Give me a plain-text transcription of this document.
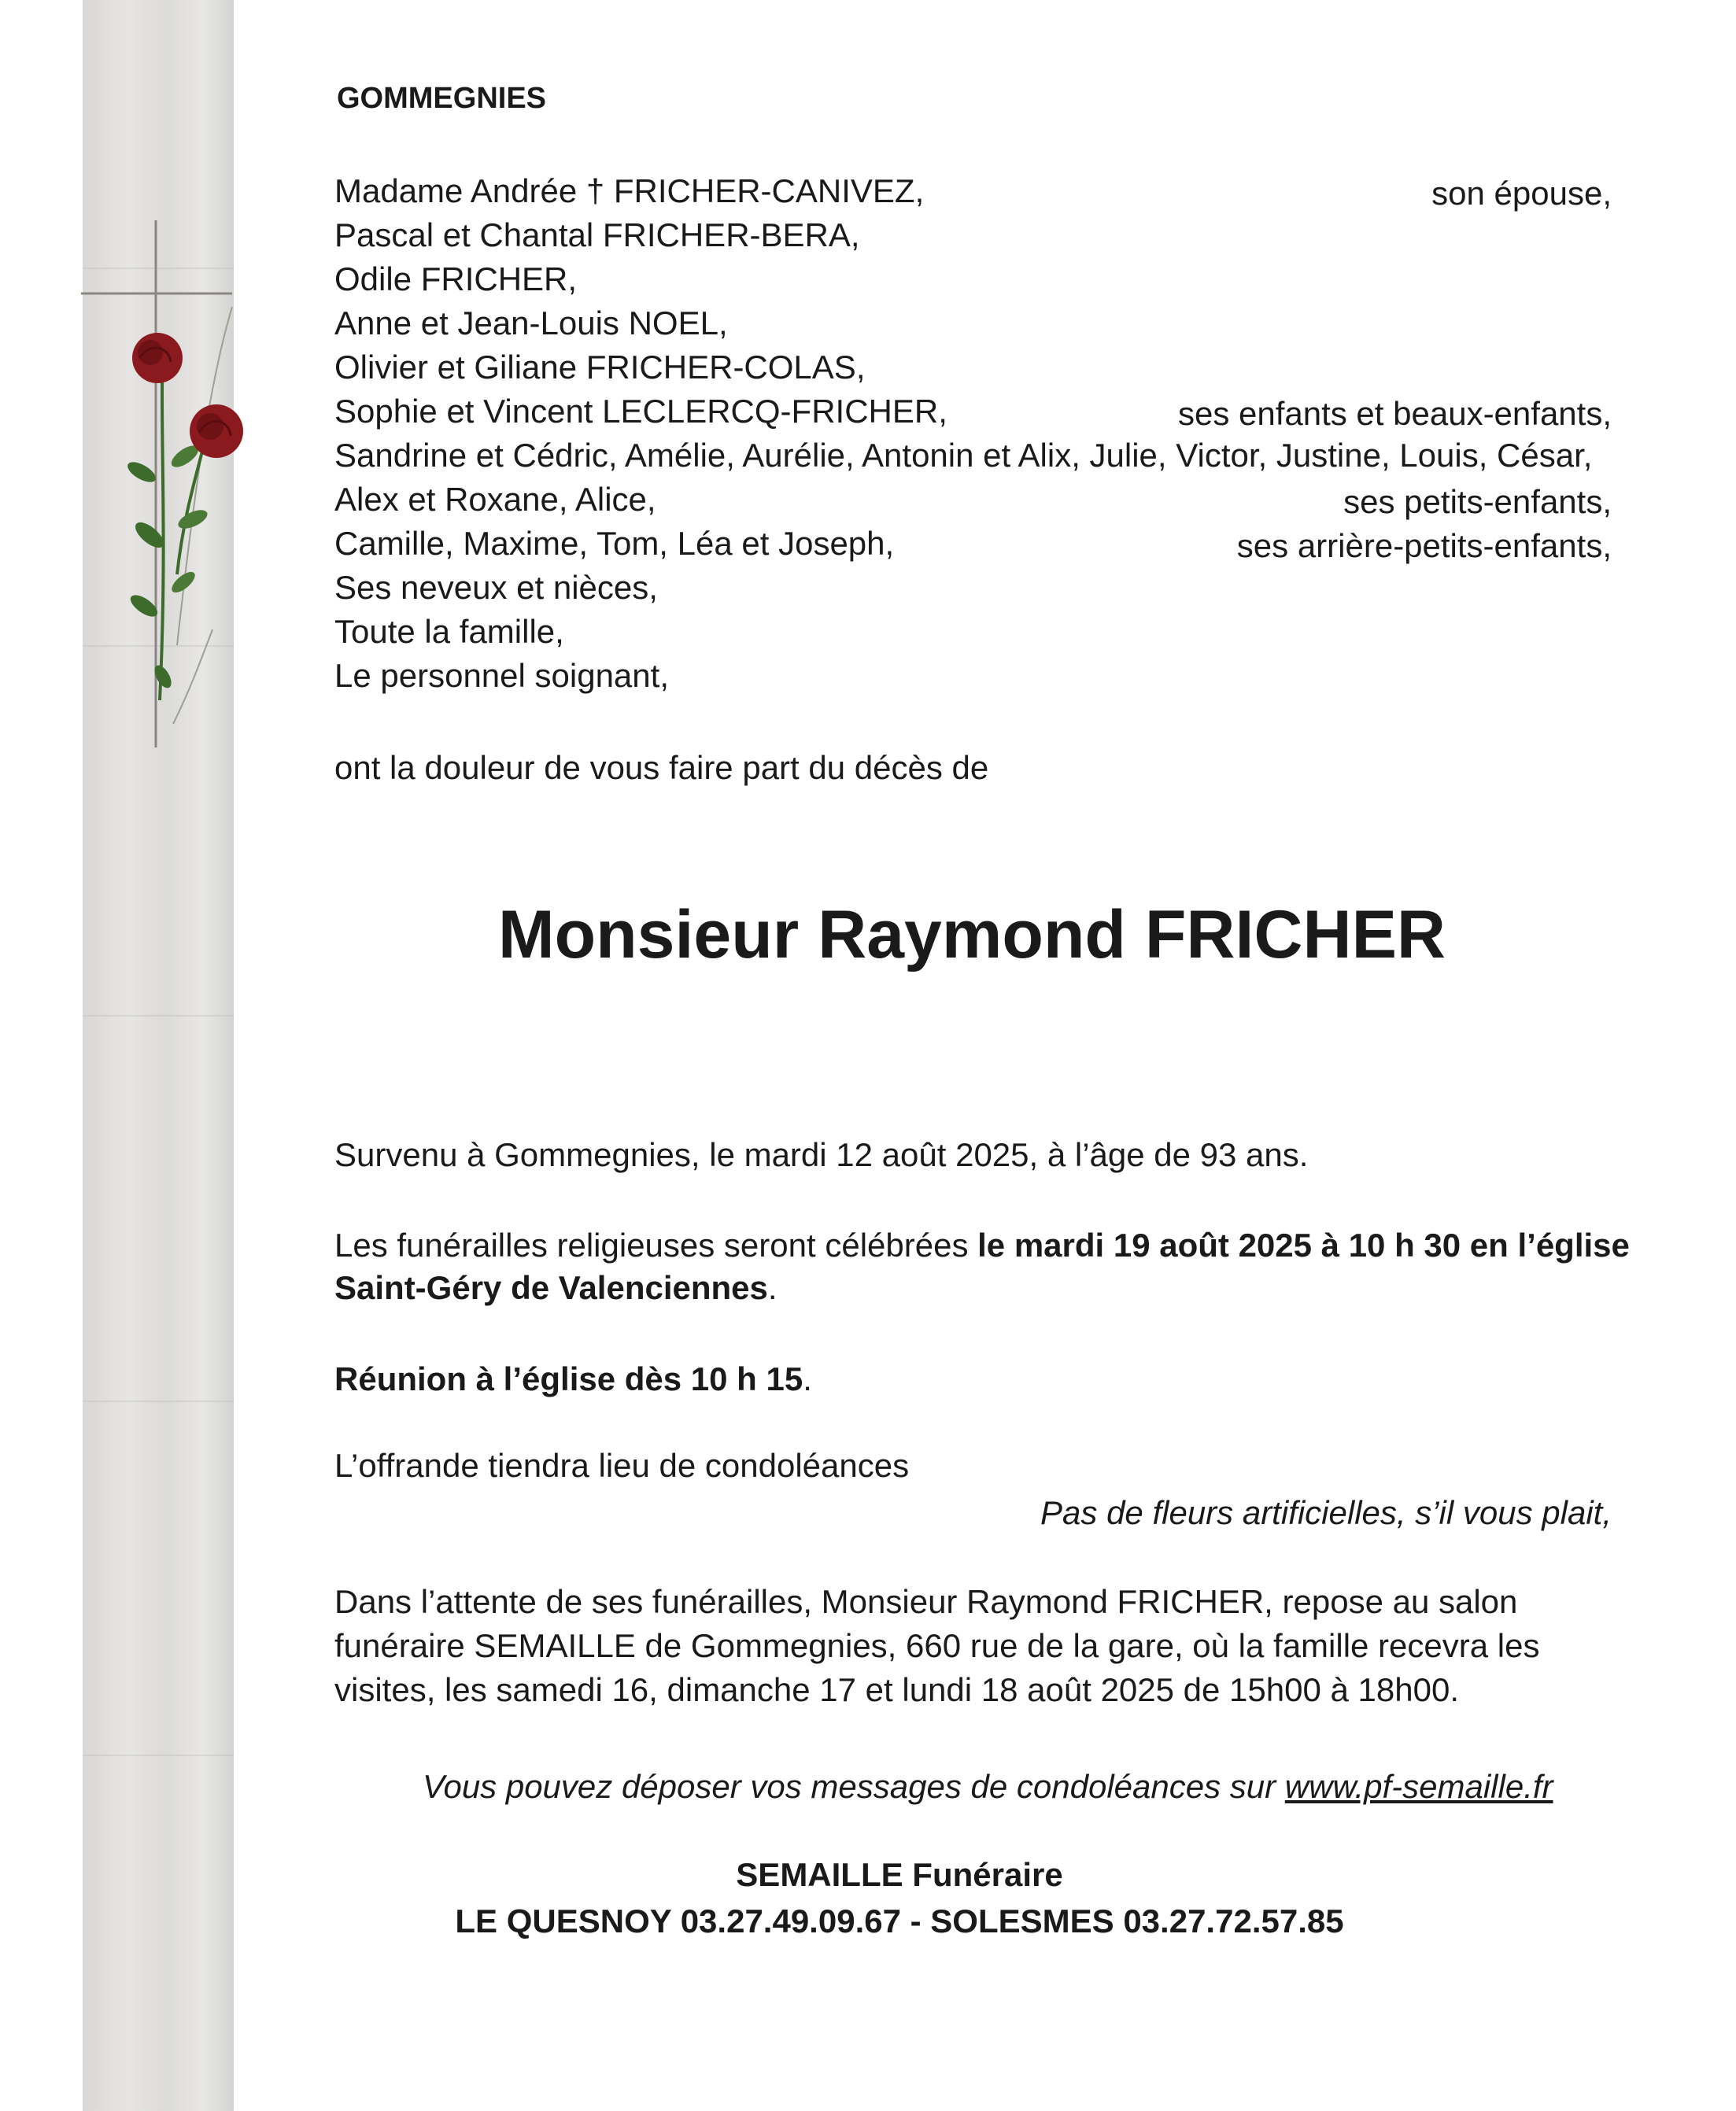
GOMMEGNIES
Madame Andrée † FRICHER-CANIVEZ,	son épouse,
Pascal et Chantal FRICHER-BERA,
Odile FRICHER,
Anne et Jean-Louis NOEL,
Olivier et Giliane FRICHER-COLAS,
Sophie et Vincent LECLERCQ-FRICHER,	ses enfants et beaux-enfants,
Sandrine et Cédric, Amélie, Aurélie, Antonin et Alix, Julie, Victor, Justine, Louis, César,
Alex et Roxane, Alice,	ses petits-enfants,
Camille, Maxime, Tom, Léa et Joseph,	ses arrière-petits-enfants,
Ses neveux et nièces,
Toute la famille,
Le personnel soignant,
ont la douleur de vous faire part du décès de
Monsieur Raymond FRICHER
Survenu à Gommegnies, le mardi 12 août 2025, à l’âge de 93 ans.
Les funérailles religieuses seront célébrées le mardi 19 août 2025 à 10 h 30 en l’église
Saint-Géry de Valenciennes.
Réunion à l’église dès 10 h 15.
L’offrande tiendra lieu de condoléances
Pas de fleurs artificielles, s’il vous plait,
Dans l’attente de ses funérailles, Monsieur Raymond FRICHER, repose au salon
funéraire SEMAILLE de Gommegnies, 660 rue de la gare, où la famille recevra les
visites, les samedi 16, dimanche 17 et lundi 18 août 2025 de 15h00 à 18h00.
Vous pouvez déposer vos messages de condoléances sur www.pf-semaille.fr
SEMAILLE Funéraire
LE QUESNOY 03.27.49.09.67 - SOLESMES 03.27.72.57.85
